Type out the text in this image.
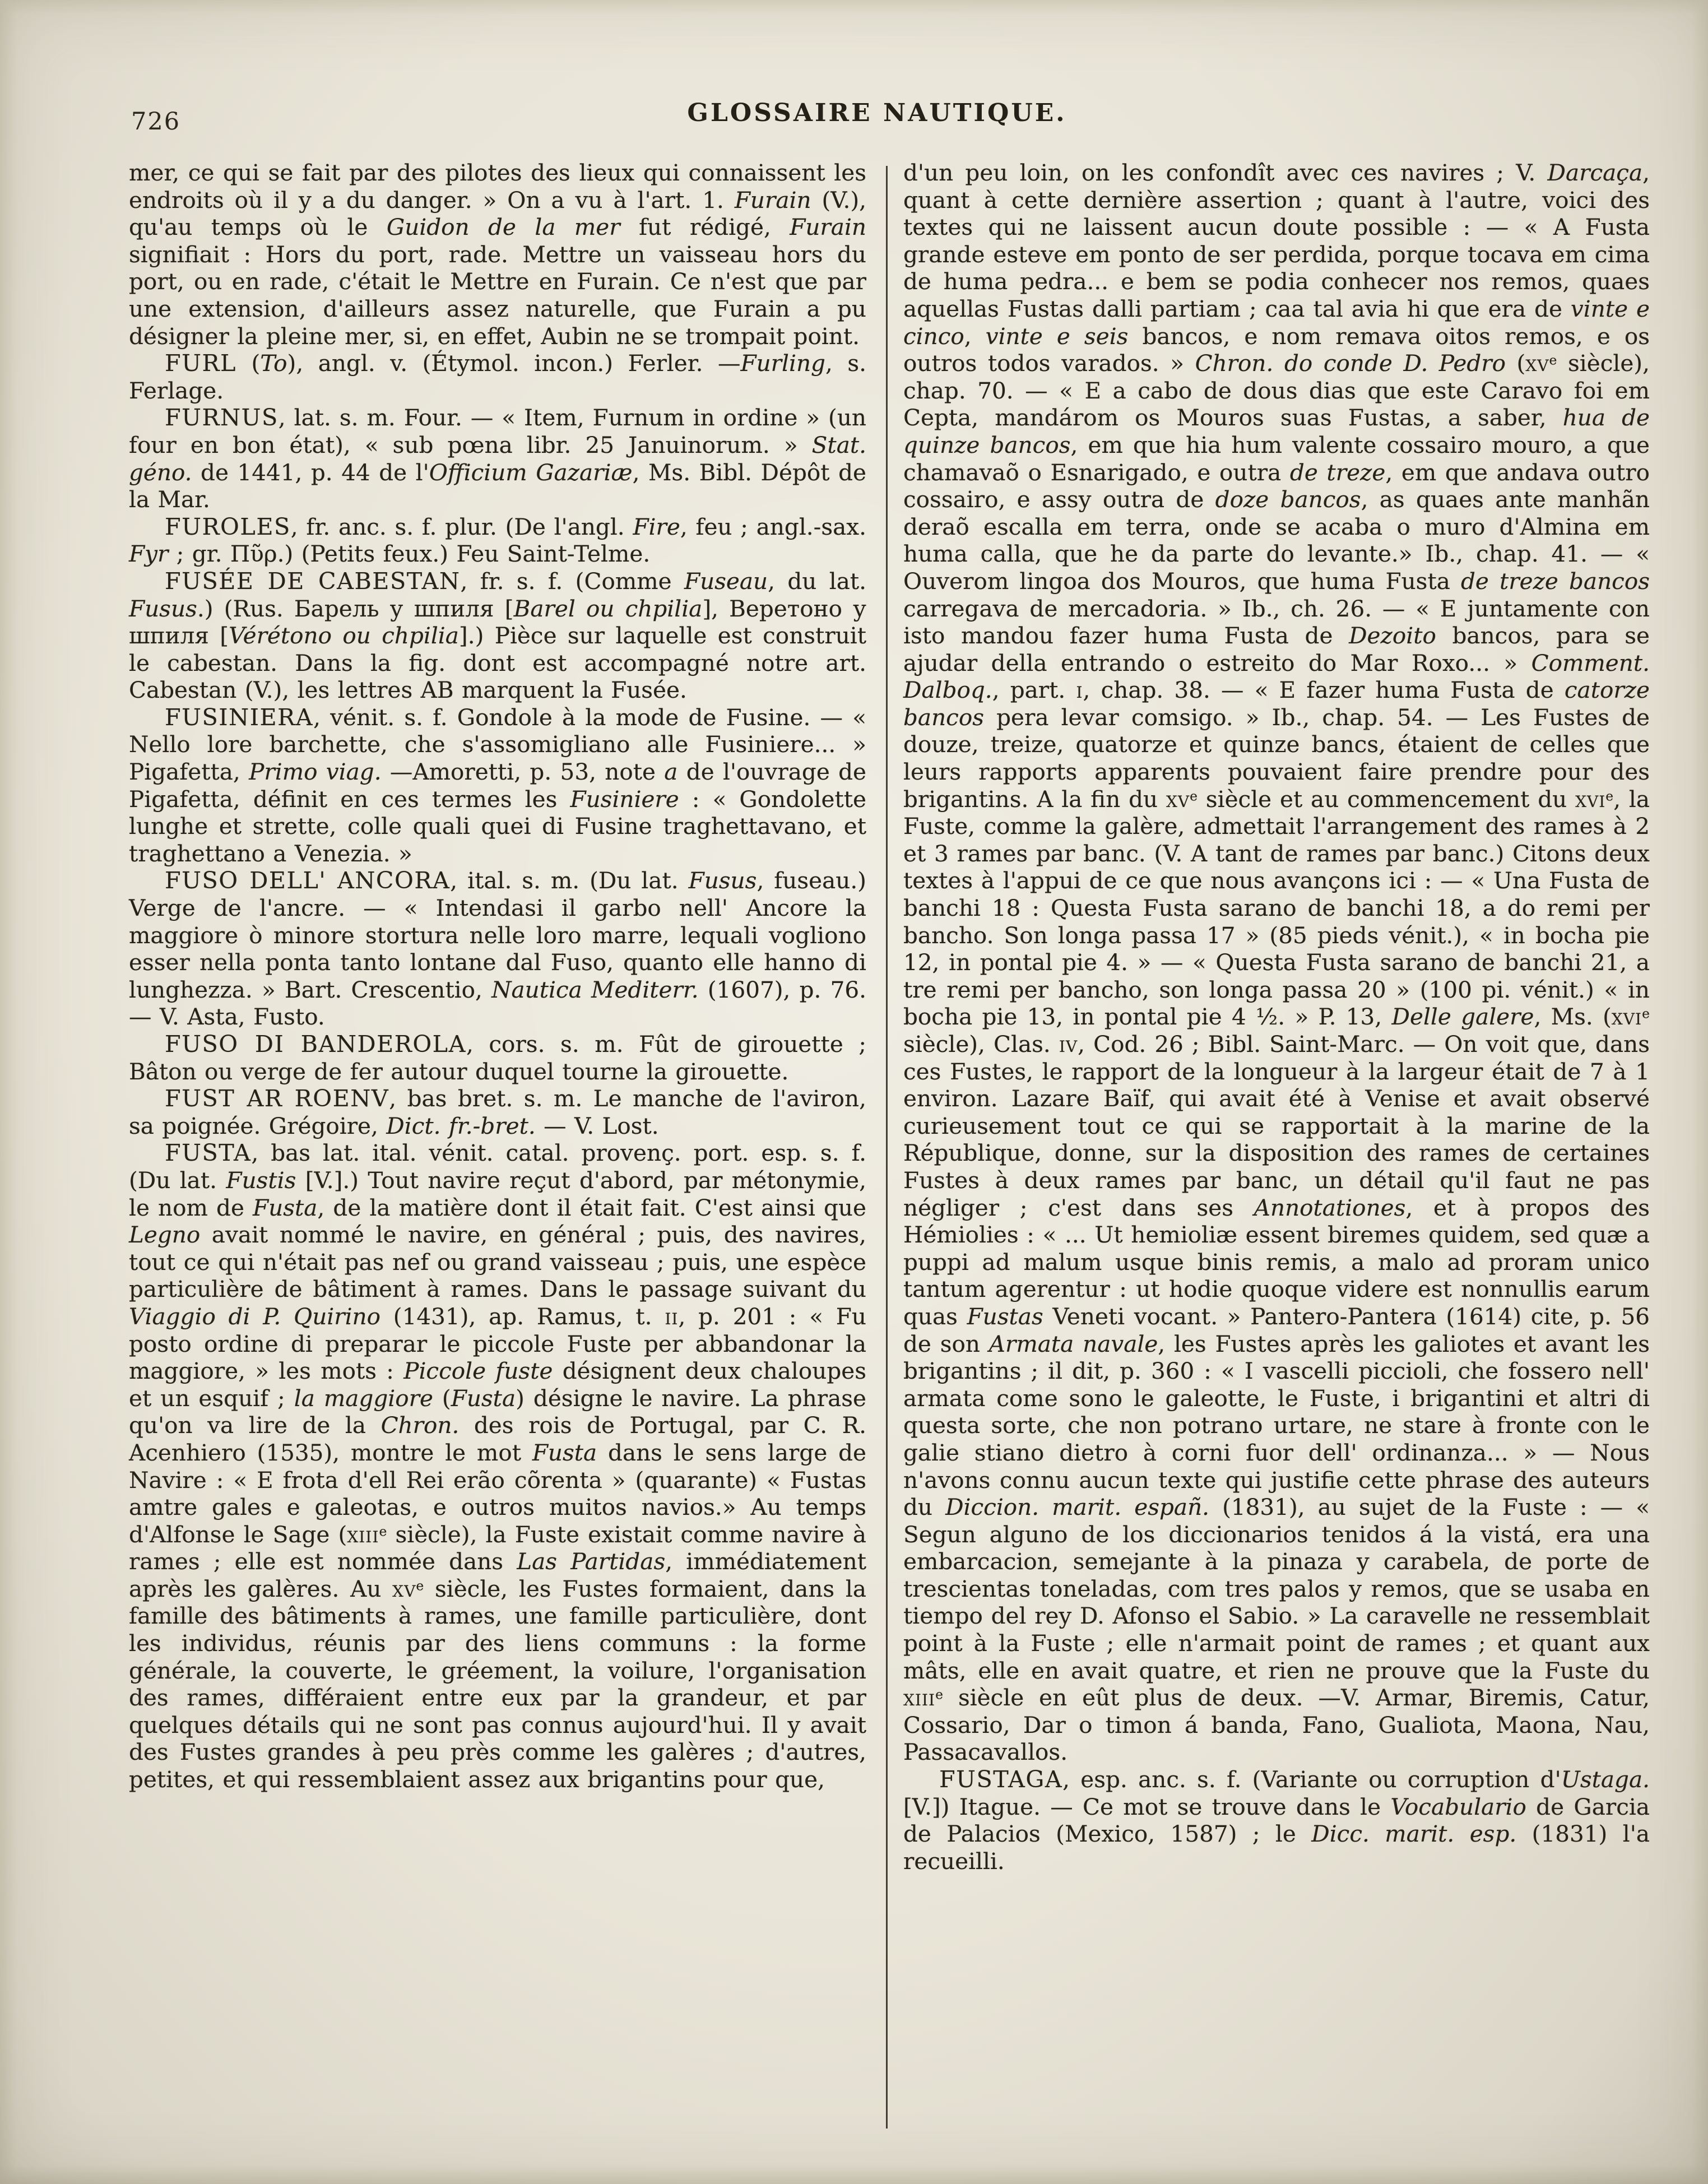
726	GLOSSAIRE NAUTIQUE.

mer, ce qui se fait par des pilotes des lieux qui connaissent les endroits où il y a du danger. » On a vu à l'art. 1. Furain (V.), qu'au temps où le Guidon de la mer fut rédigé, Furain signifiait : Hors du port, rade. Mettre un vaisseau hors du port, ou en rade, c'était le Mettre en Furain. Ce n'est que par une extension, d'ailleurs assez naturelle, que Furain a pu désigner la pleine mer, si, en effet, Aubin ne se trompait point.

FURL (To), angl. v. (Étymol. incon.) Ferler. —Furling, s. Ferlage.

FURNUS, lat. s. m. Four. — « Item, Furnum in ordine » (un four en bon état), « sub pœna libr. 25 Januinorum. » Stat. géno. de 1441, p. 44 de l'Officium Gazariæ, Ms. Bibl. Dépôt de la Mar.

FUROLES, fr. anc. s. f. plur. (De l'angl. Fire, feu ; angl.-sax. Fyr ; gr. Πῦρ.) (Petits feux.) Feu Saint-Telme.

FUSÉE DE CABESTAN, fr. s. f. (Comme Fuseau, du lat. Fusus.) (Rus. Барель у шпиля [Barel ou chpilia], Веретоно у шпиля [Vérétono ou chpilia].) Pièce sur laquelle est construit le cabestan. Dans la fig. dont est accompagné notre art. Cabestan (V.), les lettres AB marquent la Fusée.

FUSINIERA, vénit. s. f. Gondole à la mode de Fusine. — « Nello lore barchette, che s'assomigliano alle Fusiniere... » Pigafetta, Primo viag. —Amoretti, p. 53, note a de l'ouvrage de Pigafetta, définit en ces termes les Fusiniere : « Gondolette lunghe et strette, colle quali quei di Fusine traghettavano, et traghettano a Venezia. »

FUSO DELL' ANCORA, ital. s. m. (Du lat. Fusus, fuseau.) Verge de l'ancre. — « Intendasi il garbo nell' Ancore la maggiore ò minore stortura nelle loro marre, lequali vogliono esser nella ponta tanto lontane dal Fuso, quanto elle hanno di lunghezza. » Bart. Crescentio, Nautica Mediterr. (1607), p. 76. — V. Asta, Fusto.

FUSO DI BANDEROLA, cors. s. m. Fût de girouette ; Bâton ou verge de fer autour duquel tourne la girouette.

FUST AR ROENV, bas bret. s. m. Le manche de l'aviron, sa poignée. Grégoire, Dict. fr.-bret. — V. Lost.

FUSTA, bas lat. ital. vénit. catal. provenç. port. esp. s. f. (Du lat. Fustis [V.].) Tout navire reçut d'abord, par métonymie, le nom de Fusta, de la matière dont il était fait. C'est ainsi que Legno avait nommé le navire, en général ; puis, des navires, tout ce qui n'était pas nef ou grand vaisseau ; puis, une espèce particulière de bâtiment à rames. Dans le passage suivant du Viaggio di P. Quirino (1431), ap. Ramus, t. ii, p. 201 : « Fu posto ordine di preparar le piccole Fuste per abbandonar la maggiore, » les mots : Piccole fuste désignent deux chaloupes et un esquif ; la maggiore (Fusta) désigne le navire. La phrase qu'on va lire de la Chron. des rois de Portugal, par C. R. Acenhiero (1535), montre le mot Fusta dans le sens large de Navire : « E frota d'ell Rei erão cõrenta » (quarante) « Fustas amtre gales e galeotas, e outros muitos navios.» Au temps d'Alfonse le Sage (xiii$^e$ siècle), la Fuste existait comme navire à rames ; elle est nommée dans Las Partidas, immédiatement après les galères. Au $xv^e$ siècle, les Fustes formaient, dans la famille des bâtiments à rames, une famille particulière, dont les individus, réunis par des liens communs : la forme générale, la couverte, le gréement, la voilure, l'organisation des rames, différaient entre eux par la grandeur, et par quelques détails qui ne sont pas connus aujourd'hui. Il y avait des Fustes grandes à peu près comme les galères ; d'autres, petites, et qui ressemblaient assez aux brigantins pour que,

d'un peu loin, on les confondît avec ces navires ; V. Darcaça, quant à cette dernière assertion ; quant à l'autre, voici des textes qui ne laissent aucun doute possible : — « A Fusta grande esteve em ponto de ser perdida, porque tocava em cima de huma pedra... e bem se podia conhecer nos remos, quaes aquellas Fustas dalli partiam ; caa tal avia hi que era de vinte e cinco, vinte e seis bancos, e nom remava oitos remos, e os outros todos varados. » Chron. do conde D. Pedro ($xv^e$ siècle), chap. 70. — « E a cabo de dous dias que este Caravo foi em Cepta, mandárom os Mouros suas Fustas, a saber, hua de quinze bancos, em que hia hum valente cossairo mouro, a que chamavaõ o Esnarigado, e outra de treze, em que andava outro cossairo, e assy outra de doze bancos, as quaes ante manhãn deraõ escalla em terra, onde se acaba o muro d'Almina em huma calla, que he da parte do levante.» Ib., chap. 41. — « Ouverom lingoa dos Mouros, que huma Fusta de treze bancos carregava de mercadoria. » Ib., ch. 26. — « E juntamente con isto mandou fazer huma Fusta de Dezoito bancos, para se ajudar della entrando o estreito do Mar Roxo... » Comment. Dalboq., part. i, chap. 38. — « E fazer huma Fusta de catorze bancos pera levar comsigo. » Ib., chap. 54. — Les Fustes de douze, treize, quatorze et quinze bancs, étaient de celles que leurs rapports apparents pouvaient faire prendre pour des brigantins. A la fin du $xv^e$ siècle et au commencement du xvi$^e$, la Fuste, comme la galère, admettait l'arrangement des rames à 2 et 3 rames par banc. (V. A tant de rames par banc.) Citons deux textes à l'appui de ce que nous avançons ici : — « Una Fusta de banchi 18 : Questa Fusta sarano de banchi 18, a do remi per bancho. Son longa passa 17 » (85 pieds vénit.), « in bocha pie 12, in pontal pie 4. » — « Questa Fusta sarano de banchi 21, a tre remi per bancho, son longa passa 20 » (100 pi. vénit.) « in bocha pie 13, in pontal pie 4 ½. » P. 13, Delle galere, Ms. (xvi$^e$ siècle), Clas. iv, Cod. 26 ; Bibl. Saint-Marc. — On voit que, dans ces Fustes, le rapport de la longueur à la largeur était de 7 à 1 environ. Lazare Baïf, qui avait été à Venise et avait observé curieusement tout ce qui se rapportait à la marine de la République, donne, sur la disposition des rames de certaines Fustes à deux rames par banc, un détail qu'il faut ne pas négliger ; c'est dans ses Annotationes, et à propos des Hémiolies : « ... Ut hemioliæ essent biremes quidem, sed quæ a puppi ad malum usque binis remis, a malo ad proram unico tantum agerentur : ut hodie quoque videre est nonnullis earum quas Fustas Veneti vocant. » Pantero-Pantera (1614) cite, p. 56 de son Armata navale, les Fustes après les galiotes et avant les brigantins ; il dit, p. 360 : « I vascelli piccioli, che fossero nell' armata come sono le galeotte, le Fuste, i brigantini et altri di questa sorte, che non potrano urtare, ne stare à fronte con le galie stiano dietro à corni fuor dell' ordinanza... » — Nous n'avons connu aucun texte qui justifie cette phrase des auteurs du Diccion. marit. españ. (1831), au sujet de la Fuste : — « Segun alguno de los diccionarios tenidos á la vistá, era una embarcacion, semejante à la pinaza y carabela, de porte de trescientas toneladas, com tres palos y remos, que se usaba en tiempo del rey D. Afonso el Sabio. » La caravelle ne ressemblait point à la Fuste ; elle n'armait point de rames ; et quant aux mâts, elle en avait quatre, et rien ne prouve que la Fuste du xiii$^e$ siècle en eût plus de deux. —V. Armar, Biremis, Catur, Cossario, Dar o timon á banda, Fano, Gualiota, Maona, Nau, Passacavallos.

FUSTAGA, esp. anc. s. f. (Variante ou corruption d'Ustaga. [V.]) Itague. — Ce mot se trouve dans le Vocabulario de Garcia de Palacios (Mexico, 1587) ; le Dicc. marit. esp. (1831) l'a recueilli.
